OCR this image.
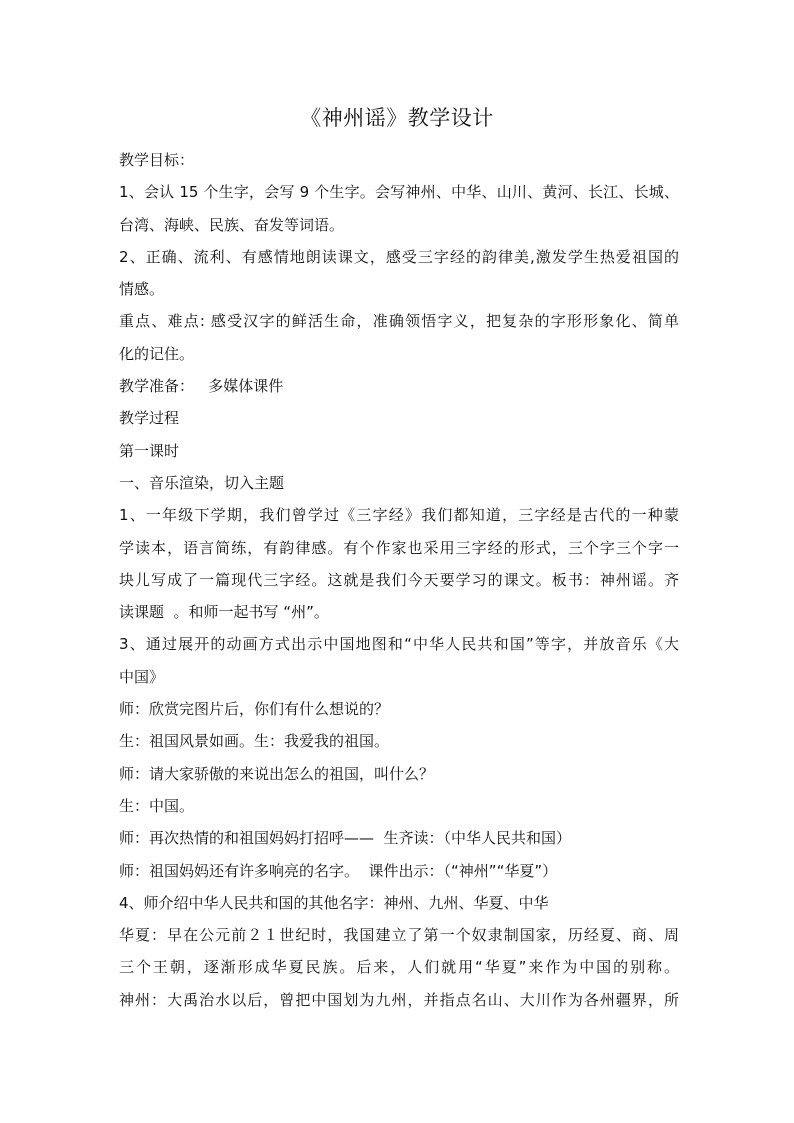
《神州谣》教学设计
教学目标：
1、会认 15 个生字，会写 9 个生字。会写神州、中华、山川、黄河、长江、长城、
台湾、海峡、民族、奋发等词语。
2、正确、流利、有感情地朗读课文，感受三字经的韵律美,激发学生热爱祖国的
情感。
重点、难点: 感受汉字的鲜活生命，准确领悟字义，把复杂的字形形象化、简单
化的记住。
教学准备：   多媒体课件
教学过程
第一课时
一、音乐渲染，切入主题
1、一年级下学期，我们曾学过《三字经》我们都知道，三字经是古代的一种蒙
学读本，语言简练，有韵律感。有个作家也采用三字经的形式，三个字三个字一
块儿写成了一篇现代三字经。这就是我们今天要学习的课文。板书：神州谣。齐
读课题  。和师一起书写 “州”。
3、通过展开的动画方式出示中国地图和“中华人民共和国”等字，并放音乐《大
中国》
师：欣赏完图片后，你们有什么想说的？
生：祖国风景如画。生：我爱我的祖国。
师：请大家骄傲的来说出怎么的祖国，叫什么？
生：中国。
师：再次热情的和祖国妈妈打招呼——  生齐读：（中华人民共和国）
师：祖国妈妈还有许多响亮的名字。  课件出示：（“神州”“华夏”）
4、师介绍中华人民共和国的其他名字：神州、九州、华夏、中华
华夏：早在公元前２１世纪时，我国建立了第一个奴隶制国家，历经夏、商、周
三个王朝，逐渐形成华夏民族。后来，人们就用“华夏”来作为中国的别称。
神州：大禹治水以后，曾把中国划为九州，并指点名山、大川作为各州疆界，所
